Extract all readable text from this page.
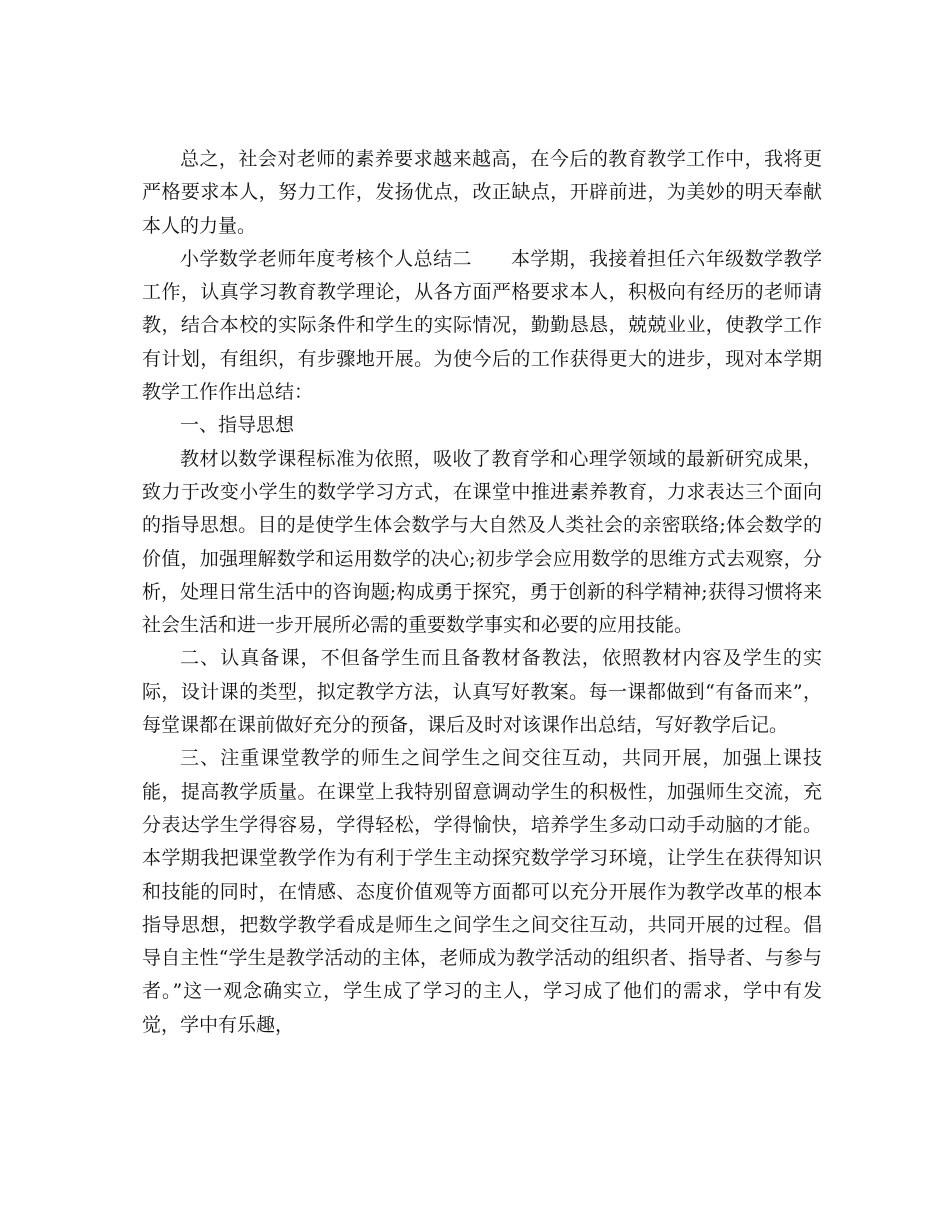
总之，社会对老师的素养要求越来越高，在今后的教育教学工作中，我将更严格要求本人，努力工作，发扬优点，改正缺点，开辟前进，为美妙的明天奉献本人的力量。

小学数学老师年度考核个人总结二　　本学期，我接着担任六年级数学教学工作，认真学习教育教学理论，从各方面严格要求本人，积极向有经历的老师请教，结合本校的实际条件和学生的实际情况，勤勤恳恳，兢兢业业，使教学工作有计划，有组织，有步骤地开展。为使今后的工作获得更大的进步，现对本学期教学工作作出总结：

一、指导思想

教材以数学课程标准为依照，吸收了教育学和心理学领域的最新研究成果，致力于改变小学生的数学学习方式，在课堂中推进素养教育，力求表达三个面向的指导思想。目的是使学生体会数学与大自然及人类社会的亲密联络;体会数学的价值，加强理解数学和运用数学的决心;初步学会应用数学的思维方式去观察，分析，处理日常生活中的咨询题;构成勇于探究，勇于创新的科学精神;获得习惯将来社会生活和进一步开展所必需的重要数学事实和必要的应用技能。

二、认真备课，不但备学生而且备教材备教法，依照教材内容及学生的实际，设计课的类型，拟定教学方法，认真写好教案。每一课都做到“有备而来”，每堂课都在课前做好充分的预备，课后及时对该课作出总结，写好教学后记。

三、注重课堂教学的师生之间学生之间交往互动，共同开展，加强上课技能，提高教学质量。在课堂上我特别留意调动学生的积极性，加强师生交流，充分表达学生学得容易，学得轻松，学得愉快，培养学生多动口动手动脑的才能。本学期我把课堂教学作为有利于学生主动探究数学学习环境，让学生在获得知识和技能的同时，在情感、态度价值观等方面都可以充分开展作为教学改革的根本指导思想，把数学教学看成是师生之间学生之间交往互动，共同开展的过程。倡导自主性“学生是教学活动的主体，老师成为教学活动的组织者、指导者、与参与者。”这一观念确实立，学生成了学习的主人，学习成了他们的需求，学中有发觉，学中有乐趣，
